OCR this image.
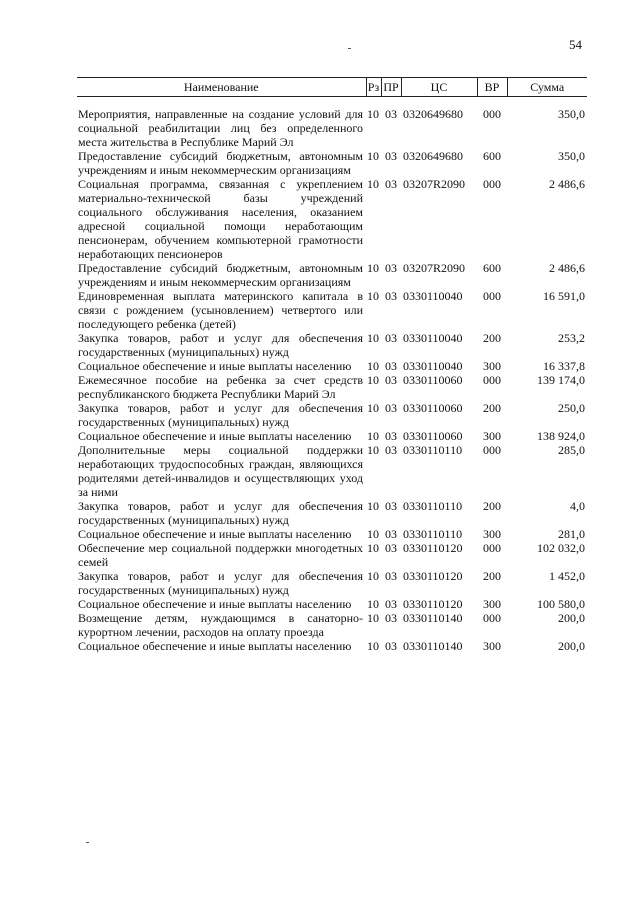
54
Наименование	Рз	ПР	ЦС	ВР	Сумма
Мероприятия, направленные на создание условий для социальной реабилитации лиц без определенного места жительства в Республике Марий Эл	10	03	0320649680	000	350,0
Предоставление субсидий бюджетным, автономным учреждениям и иным некоммерческим организациям	10	03	0320649680	600	350,0
Социальная программа, связанная с укреплением материально-технической базы учреждений социального обслуживания населения, оказанием адресной социальной помощи неработающим пенсионерам, обучением компьютерной грамотности неработающих пенсионеров	10	03	03207R2090	000	2 486,6
Предоставление субсидий бюджетным, автономным учреждениям и иным некоммерческим организациям	10	03	03207R2090	600	2 486,6
Единовременная выплата материнского капитала в связи с рождением (усыновлением) четвертого или последующего ребенка (детей)	10	03	0330110040	000	16 591,0
Закупка товаров, работ и услуг для обеспечения государственных (муниципальных) нужд	10	03	0330110040	200	253,2
Социальное обеспечение и иные выплаты населению	10	03	0330110040	300	16 337,8
Ежемесячное пособие на ребенка за счет средств республиканского бюджета Республики Марий Эл	10	03	0330110060	000	139 174,0
Закупка товаров, работ и услуг для обеспечения государственных (муниципальных) нужд	10	03	0330110060	200	250,0
Социальное обеспечение и иные выплаты населению	10	03	0330110060	300	138 924,0
Дополнительные меры социальной поддержки неработающих трудоспособных граждан, являющихся родителями детей-инвалидов и осуществляющих уход за ними	10	03	0330110110	000	285,0
Закупка товаров, работ и услуг для обеспечения государственных (муниципальных) нужд	10	03	0330110110	200	4,0
Социальное обеспечение и иные выплаты населению	10	03	0330110110	300	281,0
Обеспечение мер социальной поддержки многодетных семей	10	03	0330110120	000	102 032,0
Закупка товаров, работ и услуг для обеспечения государственных (муниципальных) нужд	10	03	0330110120	200	1 452,0
Социальное обеспечение и иные выплаты населению	10	03	0330110120	300	100 580,0
Возмещение детям, нуждающимся в санаторно-курортном лечении, расходов на оплату проезда	10	03	0330110140	000	200,0
Социальное обеспечение и иные выплаты населению	10	03	0330110140	300	200,0
